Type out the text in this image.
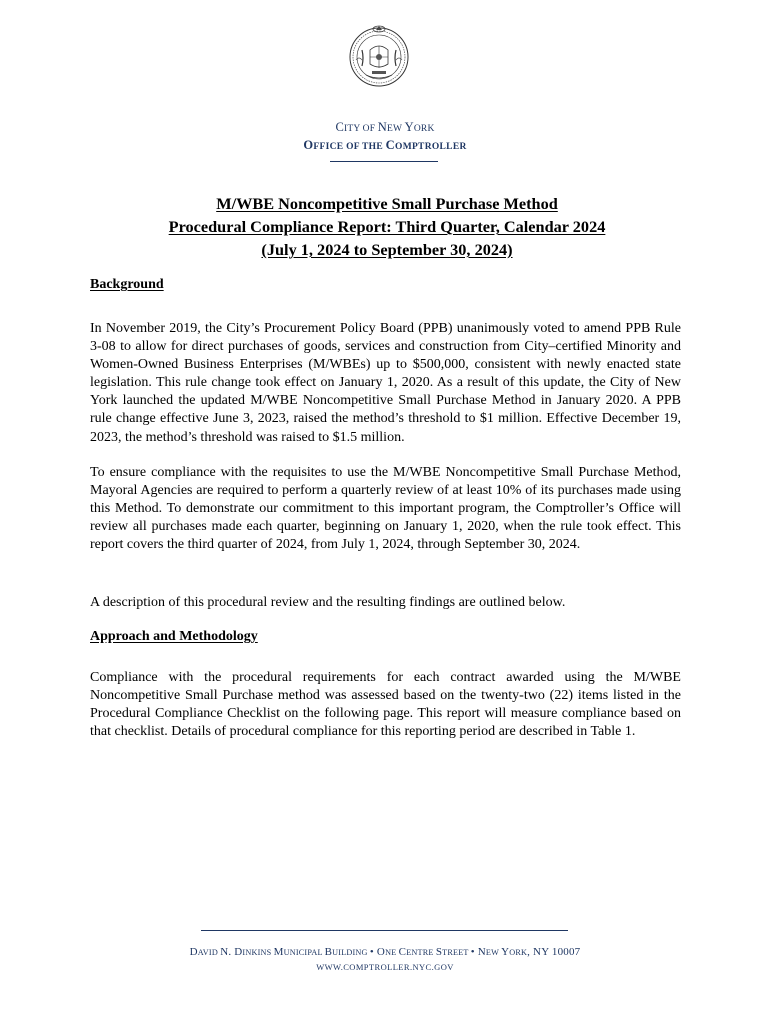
CITY OF NEW YORK
OFFICE OF THE COMPTROLLER
M/WBE Noncompetitive Small Purchase Method
Procedural Compliance Report: Third Quarter, Calendar 2024
(July 1, 2024 to September 30, 2024)
Background
In November 2019, the City’s Procurement Policy Board (PPB) unanimously voted to amend PPB Rule 3-08 to allow for direct purchases of goods, services and construction from City–certified Minority and Women-Owned Business Enterprises (M/WBEs) up to $500,000, consistent with newly enacted state legislation. This rule change took effect on January 1, 2020. As a result of this update, the City of New York launched the updated M/WBE Noncompetitive Small Purchase Method in January 2020. A PPB rule change effective June 3, 2023, raised the method’s threshold to $1 million. Effective December 19, 2023, the method’s threshold was raised to $1.5 million.
To ensure compliance with the requisites to use the M/WBE Noncompetitive Small Purchase Method, Mayoral Agencies are required to perform a quarterly review of at least 10% of its purchases made using this Method. To demonstrate our commitment to this important program, the Comptroller’s Office will review all purchases made each quarter, beginning on January 1, 2020, when the rule took effect. This report covers the third quarter of 2024, from July 1, 2024, through September 30, 2024.
A description of this procedural review and the resulting findings are outlined below.
Approach and Methodology
Compliance with the procedural requirements for each contract awarded using the M/WBE Noncompetitive Small Purchase method was assessed based on the twenty-two (22) items listed in the Procedural Compliance Checklist on the following page. This report will measure compliance based on that checklist. Details of procedural compliance for this reporting period are described in Table 1.
DAVID N. DINKINS MUNICIPAL BUILDING • ONE CENTRE STREET • NEW YORK, NY 10007
WWW.COMPTROLLER.NYC.GOV
